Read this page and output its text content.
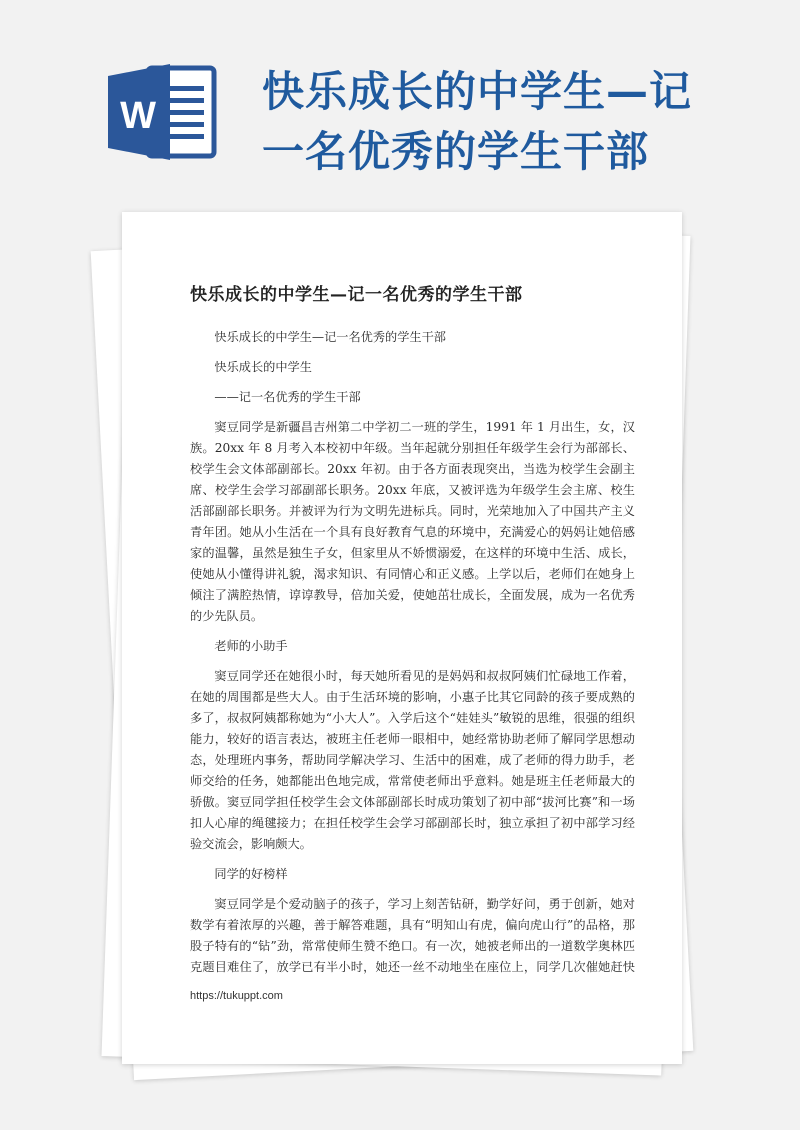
W	快乐成长的中学生—记
一名优秀的学生干部
快乐成长的中学生—记一名优秀的学生干部

快乐成长的中学生—记一名优秀的学生干部

快乐成长的中学生

——记一名优秀的学生干部

窦豆同学是新疆昌吉州第二中学初二一班的学生，1991 年 1 月出生，女，汉族。20xx 年 8 月考入本校初中年级。当年起就分别担任年级学生会行为部部长、校学生会文体部副部长。20xx 年初。由于各方面表现突出，当选为校学生会副主席、校学生会学习部副部长职务。20xx 年底，又被评选为年级学生会主席、校生活部副部长职务。并被评为行为文明先进标兵。同时，光荣地加入了中国共产主义青年团。她从小生活在一个具有良好教育气息的环境中，充满爱心的妈妈让她倍感家的温馨，虽然是独生子女，但家里从不娇惯溺爱，在这样的环境中生活、成长，使她从小懂得讲礼貌，渴求知识、有同情心和正义感。上学以后，老师们在她身上倾注了满腔热情，谆谆教导，倍加关爱，使她茁壮成长，全面发展，成为一名优秀的少先队员。

老师的小助手

窦豆同学还在她很小时，每天她所看见的是妈妈和叔叔阿姨们忙碌地工作着，在她的周围都是些大人。由于生活环境的影响，小惠子比其它同龄的孩子要成熟的多了，叔叔阿姨都称她为“小大人”。入学后这个“娃娃头”敏锐的思维，很强的组织能力，较好的语言表达，被班主任老师一眼相中，她经常协助老师了解同学思想动态，处理班内事务，帮助同学解决学习、生活中的困难，成了老师的得力助手，老师交给的任务，她都能出色地完成，常常使老师出乎意料。她是班主任老师最大的骄傲。窦豆同学担任校学生会文体部副部长时成功策划了初中部“拔河比赛”和一场扣人心扉的绳毽接力；在担任校学生会学习部副部长时，独立承担了初中部学习经验交流会，影响颇大。

同学的好榜样

窦豆同学是个爱动脑子的孩子，学习上刻苦钻研，勤学好问，勇于创新，她对数学有着浓厚的兴趣，善于解答难题，具有“明知山有虎，偏向虎山行”的品格，那股子特有的“钻”劲，常常使师生赞不绝口。有一次，她被老师出的一道数学奥林匹克题目难住了，放学已有半小时，她还一丝不动地坐在座位上，同学几次催她赶快

https://tukuppt.com
